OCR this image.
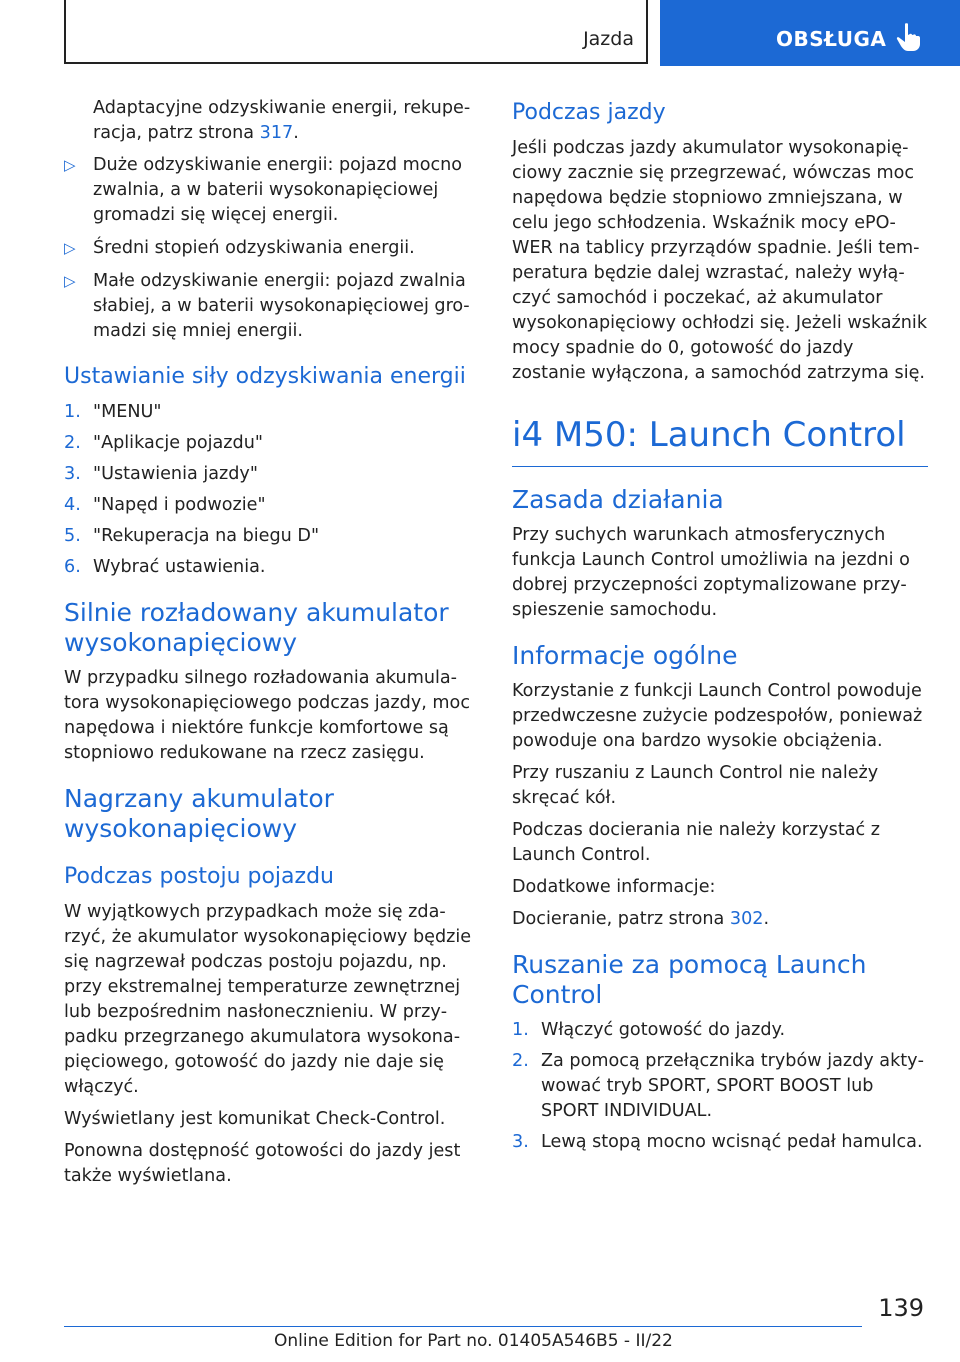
Jazda	OBSŁUGA

Adaptacyjne odzyskiwanie energii, rekupe-
racja, patrz strona 317.

▷ Duże odzyskiwanie energii: pojazd mocno zwalnia, a w baterii wysokonapięciowej gromadzi się więcej energii.
▷ Średni stopień odzyskiwania energii.
▷ Małe odzyskiwanie energii: pojazd zwalnia słabiej, a w baterii wysokonapięciowej gromadzi się mniej energii.
Ustawianie siły odzyskiwania energii
1. "MENU"
2. "Aplikacje pojazdu"
3. "Ustawienia jazdy"
4. "Napęd i podwozie"
5. "Rekuperacja na biegu D"
6. Wybrać ustawienia.
Silnie rozładowany akumulator wysokonapięciowy

W przypadku silnego rozładowania akumulatora wysokonapięciowego podczas jazdy, moc napędowa i niektóre funkcje komfortowe są stopniowo redukowane na rzecz zasięgu.

Nagrzany akumulator wysokonapięciowy
Podczas postoju pojazdu

W wyjątkowych przypadkach może się zdarzyć, że akumulator wysokonapięciowy będzie się nagrzewał podczas postoju pojazdu, np. przy ekstremalnej temperaturze zewnętrznej lub bezpośrednim nasłonecznieniu. W przypadku przegrzanego akumulatora wysokonapięciowego, gotowość do jazdy nie daje się włączyć.

Wyświetlany jest komunikat Check-Control.

Ponowna dostępność gotowości do jazdy jest także wyświetlana.

Podczas jazdy

Jeśli podczas jazdy akumulator wysokonapięciowy zacznie się przegrzewać, wówczas moc napędowa będzie stopniowo zmniejszana, w celu jego schłodzenia. Wskaźnik mocy ePOWER na tablicy przyrządów spadnie. Jeśli temperatura będzie dalej wzrastać, należy wyłączyć samochód i poczekać, aż akumulator wysokonapięciowy ochłodzi się. Jeżeli wskaźnik mocy spadnie do 0, gotowość do jazdy zostanie wyłączona, a samochód zatrzyma się.

i4 M50: Launch Control
Zasada działania

Przy suchych warunkach atmosferycznych funkcja Launch Control umożliwia na jezdni o dobrej przyczepności zoptymalizowane przyspieszenie samochodu.

Informacje ogólne

Korzystanie z funkcji Launch Control powoduje przedwczesne zużycie podzespołów, ponieważ powoduje ona bardzo wysokie obciążenia.

Przy ruszaniu z Launch Control nie należy skręcać kół.

Podczas docierania nie należy korzystać z Launch Control.

Dodatkowe informacje:

Docieranie, patrz strona 302.

Ruszanie za pomocą Launch Control
1. Włączyć gotowość do jazdy.
2. Za pomocą przełącznika trybów jazdy aktywować tryb SPORT, SPORT BOOST lub SPORT INDIVIDUAL.
3. Lewą stopą mocno wcisnąć pedał hamulca.
139
Online Edition for Part no. 01405A546B5 - II/22
